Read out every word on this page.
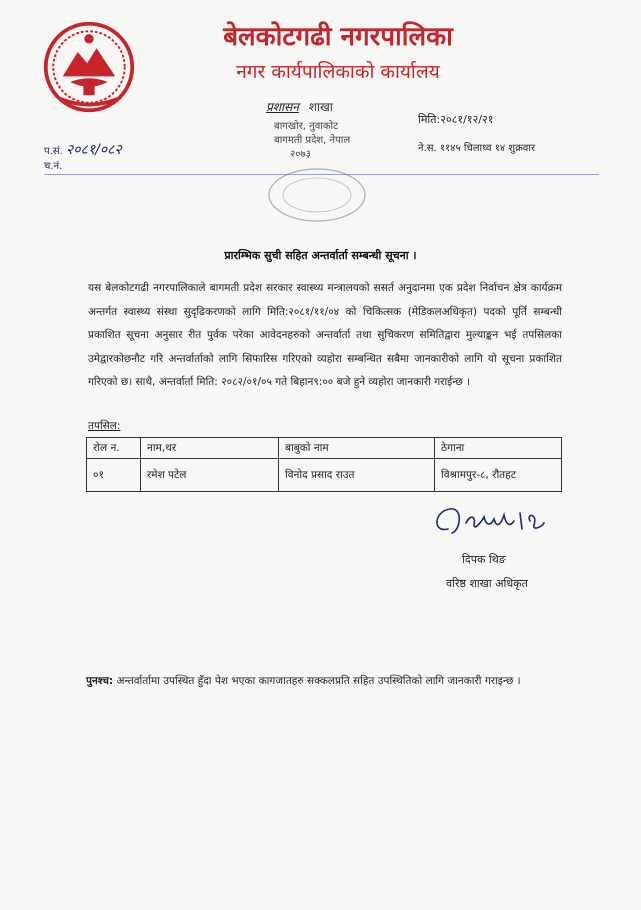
बेलकोटगढी नगरपालिका
नगर कार्यपालिकाको कार्यालय
प्रशासन शाखा
बागखोर, नुवाकोट
बागमती प्रदेश, नेपाल
२०७३
मिति:२०८१/१२/२१
ने.स. ११४५ चिलाथ्व १४ शुक्रवार
प.सं. २०८१/०८२
च.नं.
प्रारम्भिक सुची सहित अन्तर्वार्ता सम्बन्धी सूचना ।
यस बेलकोटगढी नगरपालिकाले बागमती प्रदेश सरकार स्वास्थ्य मन्त्रालयको ससर्त अनुदानमा एक प्रदेश निर्वाचन क्षेत्र कार्यक्रम अन्तर्गत स्वास्थ्य संस्था सुदृढिकरणको लागि मिति:२०८१/११/०४ को चिकित्सक (मेडिकलअधिकृत) पदको पूर्ति सम्बन्धी प्रकाशित सूचना अनुसार रीत पुर्वक परेका आवेदनहरुको अन्तर्वार्ता तथा सुचिकरण समितिद्वारा मुल्याङ्कन भई तपसिलका उमेद्वारकोछनौट गरि अन्तर्वार्ताको लागि सिफारिस गरिएको व्यहोरा सम्बन्धित सबैमा जानकारीको लागि यो सूचना प्रकाशित गरिएको छ। साथै, अन्तर्वार्ता मिति: २०८२/०१/०५ गते बिहान९:०० बजे हुने व्यहोरा जानकारी गराईन्छ ।
तपसिल:
रोल न.	नाम,थर	बाबुको नाम	ठेगाना
०१	रमेश पटेल	विनोद प्रसाद राउत	विश्रामपुर-८, रौतहट
दिपक थिङ
वरिष्ठ शाखा अधिकृत
पुनश्च: अन्तर्वार्तामा उपस्थित हुँदा पेश भएका कागजातहरु सक्कलप्रति सहित उपस्थितिको लागि जानकारी गराइन्छ ।
